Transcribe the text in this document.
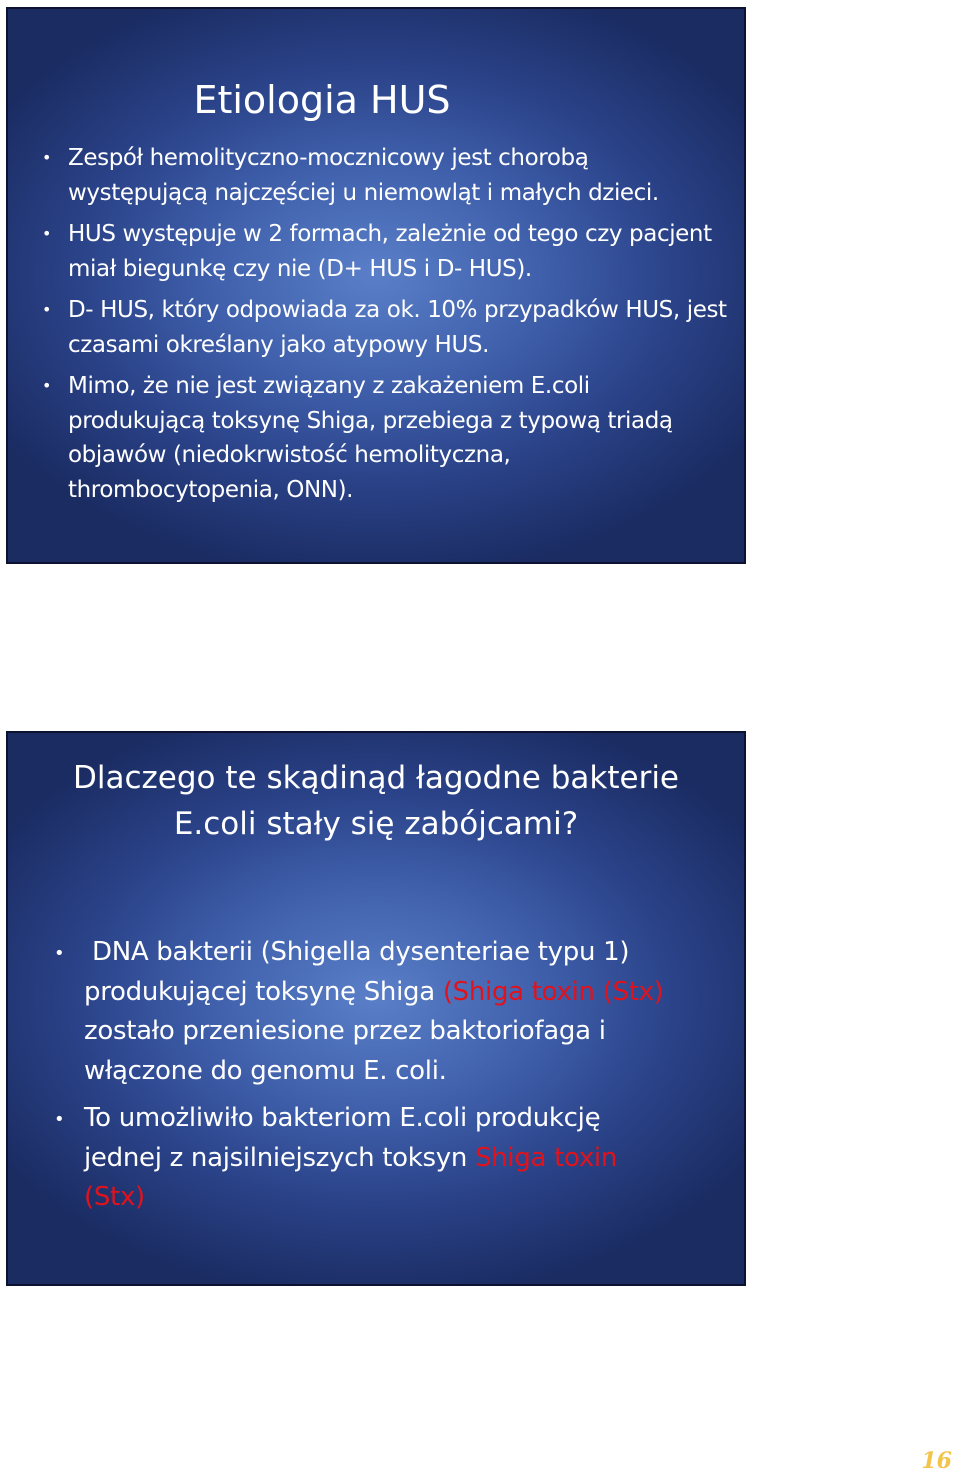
Etiologia HUS
• Zespół hemolityczno-mocznicowy jest chorobą występującą najczęściej u niemowląt i małych dzieci.
• HUS występuje w 2 formach, zależnie od tego czy pacjent miał biegunkę czy nie (D+ HUS i D- HUS).
• D- HUS, który odpowiada za ok. 10% przypadków HUS, jest czasami określany jako atypowy HUS.
• Mimo, że nie jest związany z zakażeniem E.coli produkującą toksynę Shiga, przebiega z typową triadą objawów (niedokrwistość hemolityczna, thrombocytopenia, ONN).
Dlaczego te skądinąd łagodne bakterie
E.coli stały się zabójcami?
• DNA bakterii (Shigella dysenteriae typu 1) produkującej toksynę Shiga (Shiga toxin (Stx) zostało przeniesione przez baktoriofaga i włączone do genomu E. coli.
• To umożliwiło bakteriom E.coli produkcję jednej z najsilniejszych toksyn Shiga toxin (Stx)
16
